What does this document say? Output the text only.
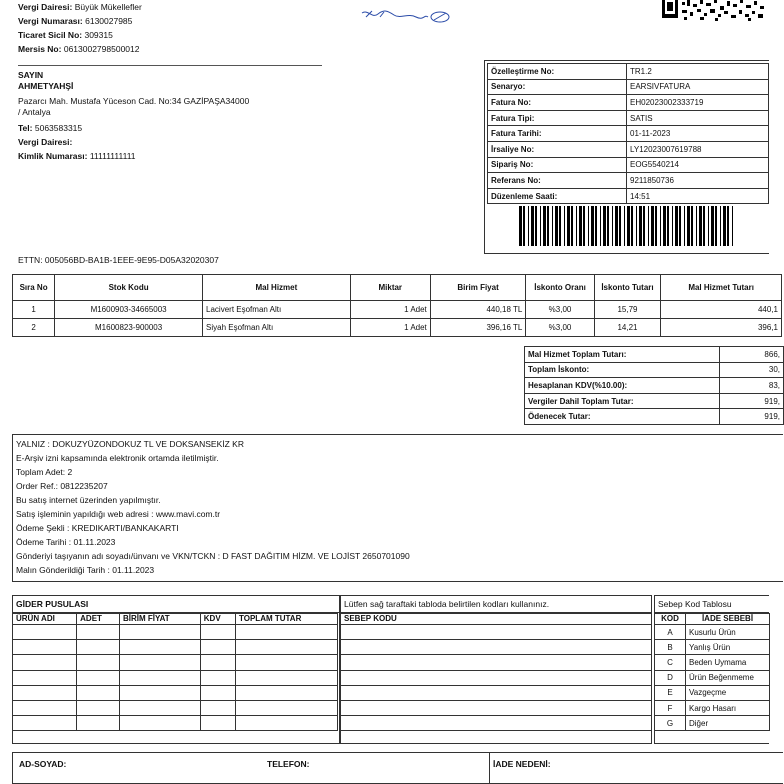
Vergi Dairesi: Büyük Mükellefler
Vergi Numarası: 6130027985
Ticaret Sicil No: 309315
Mersis No: 0613002798500012
SAYIN
AHMETYAHŞİ
Pazarcı Mah. Mustafa Yüceson Cad. No:34 GAZİPAŞA34000
/ Antalya
Tel: 5063583315
Vergi Dairesi:
Kimlik Numarası: 11111111111
Özelleştirme No:	TR1.2
Senaryo:	EARSIVFATURA
Fatura No:	EH02023002333719
Fatura Tipi:	SATIS
Fatura Tarihi:	01-11-2023
İrsaliye No:	LY12023007619788
Sipariş No:	EOG5540214
Referans No:	9211850736
Düzenleme Saati:	14:51
ETTN: 005056BD-BA1B-1EEE-9E95-D05A32020307
Sıra No	Stok Kodu	Mal Hizmet	Miktar	Birim Fiyat	İskonto Oranı	İskonto Tutarı	Mal Hizmet Tutarı
1	M1600903-34665003	Lacivert Eşofman Altı	1 Adet	440,18 TL	%3,00	15,79	440,1
2	M1600823-900003	Siyah Eşofman Altı	1 Adet	396,16 TL	%3,00	14,21	396,1
Mal Hizmet Toplam Tutarı:	866,
Toplam İskonto:	30,
Hesaplanan KDV(%10.00):	83,
Vergiler Dahil Toplam Tutar:	919,
Ödenecek Tutar:	919,
YALNIZ : DOKUZYÜZONDOKUZ TL VE DOKSANSEKİZ KR
E-Arşiv izni kapsamında elektronik ortamda iletilmiştir.
Toplam Adet: 2
Order Ref.: 0812235207
Bu satış internet üzerinden yapılmıştır.
Satış işleminin yapıldığı web adresi : www.mavi.com.tr
Ödeme Şekli : KREDIKARTI/BANKAKARTI
Ödeme Tarihi : 01.11.2023
Gönderiyi taşıyanın adı soyadı/ünvanı ve VKN/TCKN : D FAST DAĞITIM HİZM. VE LOJİST 2650701090
Malın Gönderildiği Tarih : 01.11.2023
GİDER PUSULASI
ÜRÜN ADI	ADET	BİRİM FİYAT	KDV	TOPLAM TUTAR

Lütfen sağ taraftaki tabloda belirtilen kodları kullanınız.
SEBEP KODU

Sebep Kod Tablosu
KOD	İADE SEBEBİ
A	Kusurlu Ürün
B	Yanlış Ürün
C	Beden Uymama
D	Ürün Beğenmeme
E	Vazgeçme
F	Kargo Hasarı
G	Diğer
AD-SOYAD:	TELEFON:	İADE NEDENİ:
